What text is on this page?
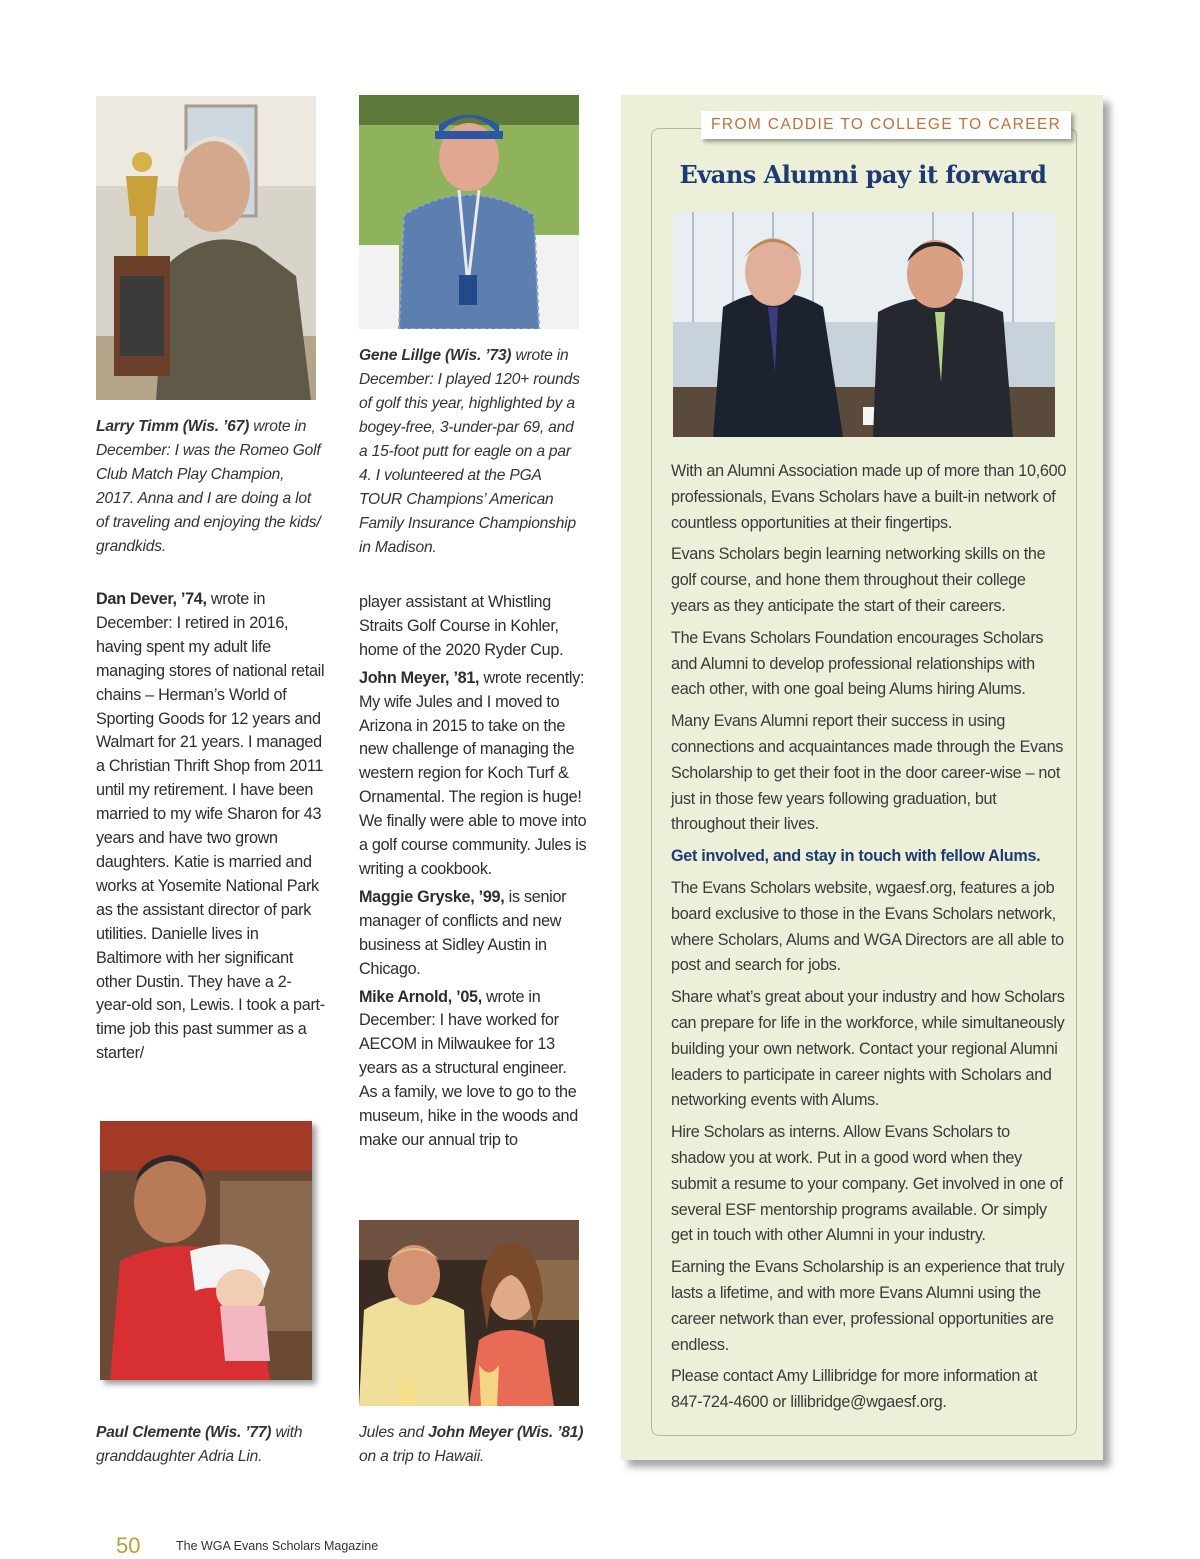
Larry Timm (Wis. ’67) wrote in December: I was the Romeo Golf Club Match Play Champion, 2017. Anna and I are doing a lot of traveling and enjoying the kids/ grandkids.
Gene Lillge (Wis. ’73) wrote in December: I played 120+ rounds of golf this year, highlighted by a bogey-free, 3-under-par 69, and a 15-foot putt for eagle on a par 4. I volunteered at the PGA TOUR Champions’ American Family Insurance Championship in Madison.
Paul Clemente (Wis. ’77) with granddaughter Adria Lin.
Jules and John Meyer (Wis. ’81) on a trip to Hawaii.

Dan Dever, ’74, wrote in December: I retired in 2016, having spent my adult life managing stores of national retail chains – Herman’s World of Sporting Goods for 12 years and Walmart for 21 years. I managed a Christian Thrift Shop from 2011 until my retirement. I have been married to my wife Sharon for 43 years and have two grown daughters. Katie is married and works at Yosemite National Park as the assistant director of park utilities. Danielle lives in Baltimore with her significant other Dustin. They have a 2-year-old son, Lewis. I took a part-time job this past summer as a starter/

player assistant at Whistling Straits Golf Course in Kohler, home of the 2020 Ryder Cup.

John Meyer, ’81, wrote recently: My wife Jules and I moved to Arizona in 2015 to take on the new challenge of managing the western region for Koch Turf & Ornamental. The region is huge! We finally were able to move into a golf course community. Jules is writing a cookbook.

Maggie Gryske, ’99, is senior manager of conflicts and new business at Sidley Austin in Chicago.

Mike Arnold, ’05, wrote in December: I have worked for AECOM in Milwaukee for 13 years as a structural engineer. As a family, we love to go to the museum, hike in the woods and make our annual trip to

FROM CADDIE TO COLLEGE TO CAREER
Evans Alumni pay it forward

With an Alumni Association made up of more than 10,600 professionals, Evans Scholars have a built-in network of countless opportunities at their fingertips.

Evans Scholars begin learning networking skills on the golf course, and hone them throughout their college years as they anticipate the start of their careers.

The Evans Scholars Foundation encourages Scholars and Alumni to develop professional relationships with each other, with one goal being Alums hiring Alums.

Many Evans Alumni report their success in using connections and acquaintances made through the Evans Scholarship to get their foot in the door career-wise – not just in those few years following graduation, but throughout their lives.

Get involved, and stay in touch with fellow Alums.

The Evans Scholars website, wgaesf.org, features a job board exclusive to those in the Evans Scholars network, where Scholars, Alums and WGA Directors are all able to post and search for jobs.

Share what’s great about your industry and how Scholars can prepare for life in the workforce, while simultaneously building your own network. Contact your regional Alumni leaders to participate in career nights with Scholars and networking events with Alums.

Hire Scholars as interns. Allow Evans Scholars to shadow you at work. Put in a good word when they submit a resume to your company. Get involved in one of several ESF mentorship programs available. Or simply get in touch with other Alumni in your industry.

Earning the Evans Scholarship is an experience that truly lasts a lifetime, and with more Evans Alumni using the career network than ever, professional opportunities are endless.

Please contact Amy Lillibridge for more information at 847-724-4600 or lillibridge@wgaesf.org.

50	The WGA Evans Scholars Magazine
